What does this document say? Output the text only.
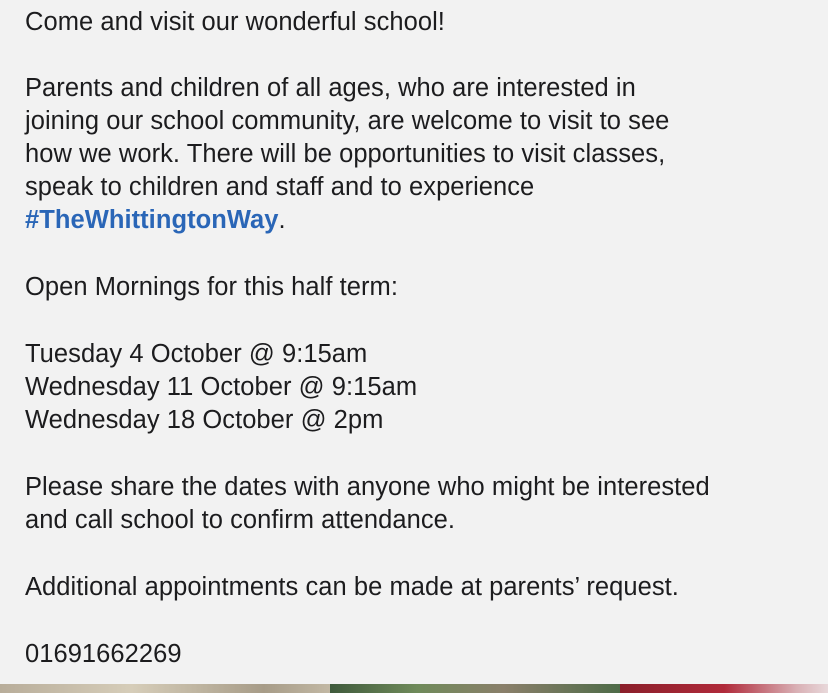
Come and visit our wonderful school!
Parents and children of all ages, who are interested in
joining our school community, are welcome to visit to see
how we work. There will be opportunities to visit classes,
speak to children and staff and to experience
#TheWhittingtonWay.
Open Mornings for this half term:
Tuesday 4 October @ 9:15am
Wednesday 11 October @ 9:15am
Wednesday 18 October @ 2pm
Please share the dates with anyone who might be interested
and call school to confirm attendance.
Additional appointments can be made at parents’ request.
01691662269
